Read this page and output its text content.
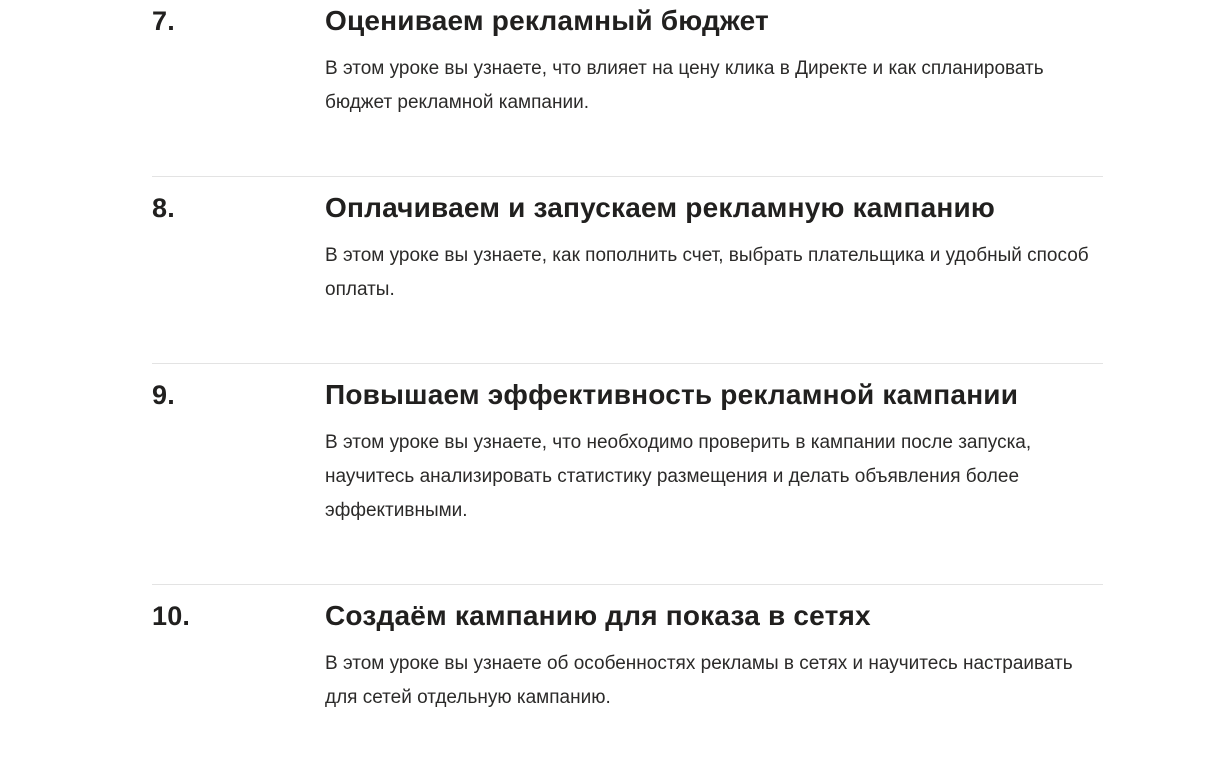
7.	Оцениваем рекламный бюджет
В этом уроке вы узнаете, что влияет на цену клика в Директе и как спланировать бюджет рекламной кампании.
8.	Оплачиваем и запускаем рекламную кампанию
В этом уроке вы узнаете, как пополнить счет, выбрать плательщика и удобный способ оплаты.
9.	Повышаем эффективность рекламной кампании
В этом уроке вы узнаете, что необходимо проверить в кампании после запуска, научитесь анализировать статистику размещения и делать объявления более эффективными.
10.	Создаём кампанию для показа в сетях
В этом уроке вы узнаете об особенностях рекламы в сетях и научитесь настраивать для сетей отдельную кампанию.
